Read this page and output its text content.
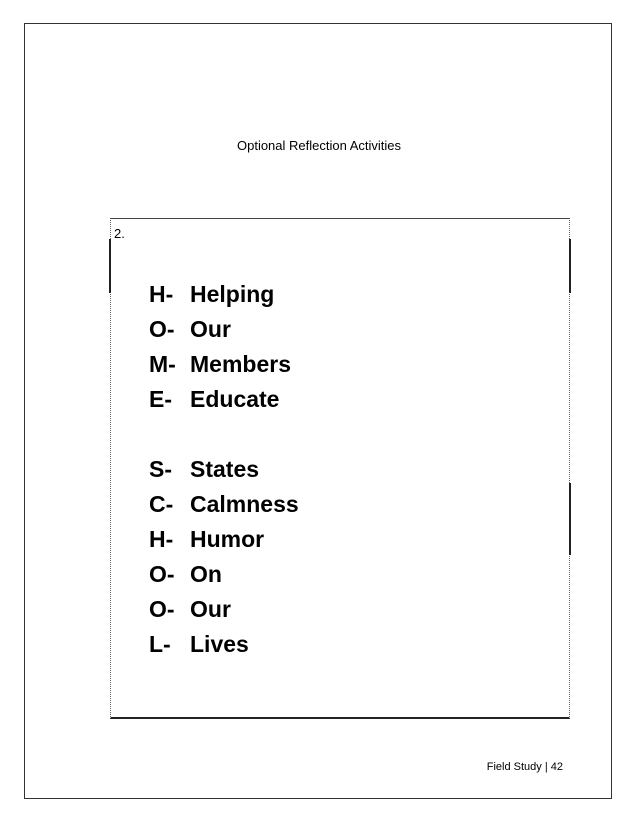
Optional Reflection Activities
2.
H- Helping
O- Our
M- Members
E- Educate
S- States
C- Calmness
H- Humor
O- On
O- Our
L- Lives
Field Study | 42
